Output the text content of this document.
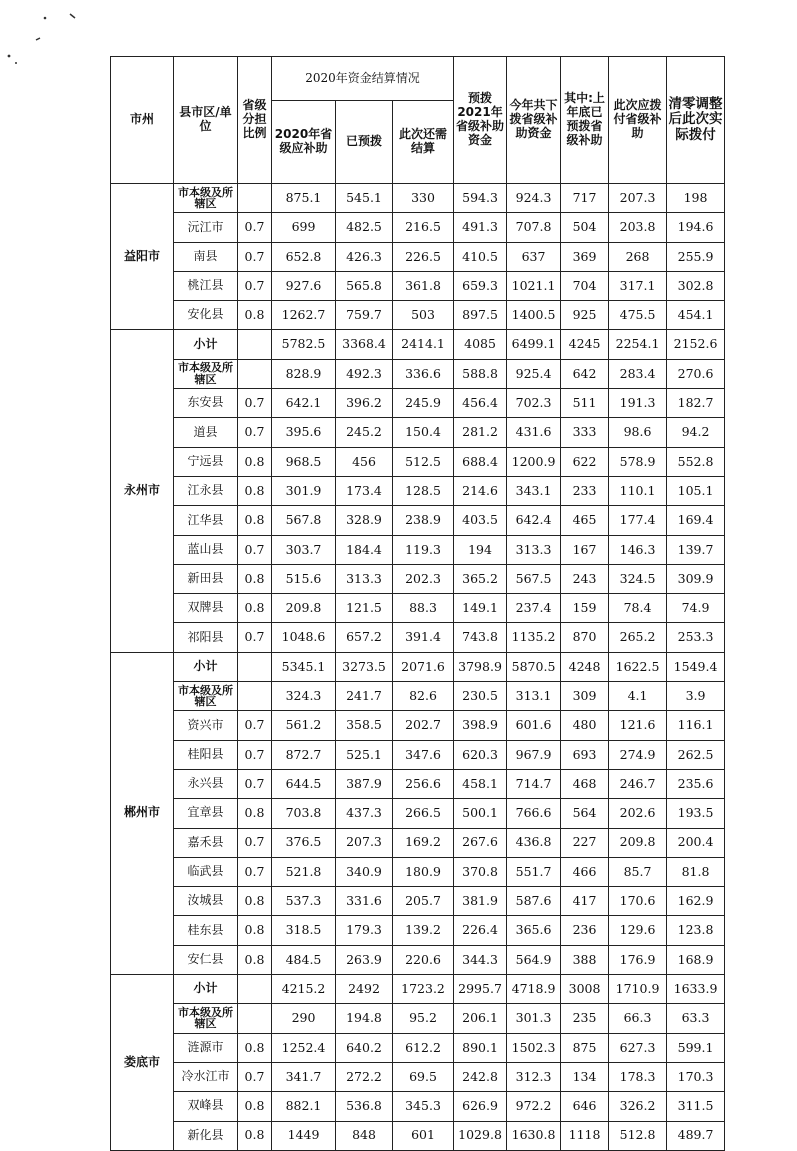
市州	县市区/单位	省级分担比例	2020年资金结算情况			预拨2021年省级补助资金	今年共下拨省级补助资金	其中:上年底已预拨省级补助	此次应拨付省级补助	清零调整后此次实际拨付
			2020年省级应补助	已预拨	此次还需结算					
益阳市	市本级及所辖区		875.1	545.1	330	594.3	924.3	717	207.3	198
	沅江市	0.7	699	482.5	216.5	491.3	707.8	504	203.8	194.6
	南县	0.7	652.8	426.3	226.5	410.5	637	369	268	255.9
	桃江县	0.7	927.6	565.8	361.8	659.3	1021.1	704	317.1	302.8
	安化县	0.8	1262.7	759.7	503	897.5	1400.5	925	475.5	454.1
永州市	小计		5782.5	3368.4	2414.1	4085	6499.1	4245	2254.1	2152.6
	市本级及所辖区		828.9	492.3	336.6	588.8	925.4	642	283.4	270.6
	东安县	0.7	642.1	396.2	245.9	456.4	702.3	511	191.3	182.7
	道县	0.7	395.6	245.2	150.4	281.2	431.6	333	98.6	94.2
	宁远县	0.8	968.5	456	512.5	688.4	1200.9	622	578.9	552.8
	江永县	0.8	301.9	173.4	128.5	214.6	343.1	233	110.1	105.1
	江华县	0.8	567.8	328.9	238.9	403.5	642.4	465	177.4	169.4
	蓝山县	0.7	303.7	184.4	119.3	194	313.3	167	146.3	139.7
	新田县	0.8	515.6	313.3	202.3	365.2	567.5	243	324.5	309.9
	双牌县	0.8	209.8	121.5	88.3	149.1	237.4	159	78.4	74.9
	祁阳县	0.7	1048.6	657.2	391.4	743.8	1135.2	870	265.2	253.3
郴州市	小计		5345.1	3273.5	2071.6	3798.9	5870.5	4248	1622.5	1549.4
	市本级及所辖区		324.3	241.7	82.6	230.5	313.1	309	4.1	3.9
	资兴市	0.7	561.2	358.5	202.7	398.9	601.6	480	121.6	116.1
	桂阳县	0.7	872.7	525.1	347.6	620.3	967.9	693	274.9	262.5
	永兴县	0.7	644.5	387.9	256.6	458.1	714.7	468	246.7	235.6
	宜章县	0.8	703.8	437.3	266.5	500.1	766.6	564	202.6	193.5
	嘉禾县	0.7	376.5	207.3	169.2	267.6	436.8	227	209.8	200.4
	临武县	0.7	521.8	340.9	180.9	370.8	551.7	466	85.7	81.8
	汝城县	0.8	537.3	331.6	205.7	381.9	587.6	417	170.6	162.9
	桂东县	0.8	318.5	179.3	139.2	226.4	365.6	236	129.6	123.8
	安仁县	0.8	484.5	263.9	220.6	344.3	564.9	388	176.9	168.9
娄底市	小计		4215.2	2492	1723.2	2995.7	4718.9	3008	1710.9	1633.9
	市本级及所辖区		290	194.8	95.2	206.1	301.3	235	66.3	63.3
	涟源市	0.8	1252.4	640.2	612.2	890.1	1502.3	875	627.3	599.1
	冷水江市	0.7	341.7	272.2	69.5	242.8	312.3	134	178.3	170.3
	双峰县	0.8	882.1	536.8	345.3	626.9	972.2	646	326.2	311.5
	新化县	0.8	1449	848	601	1029.8	1630.8	1118	512.8	489.7
